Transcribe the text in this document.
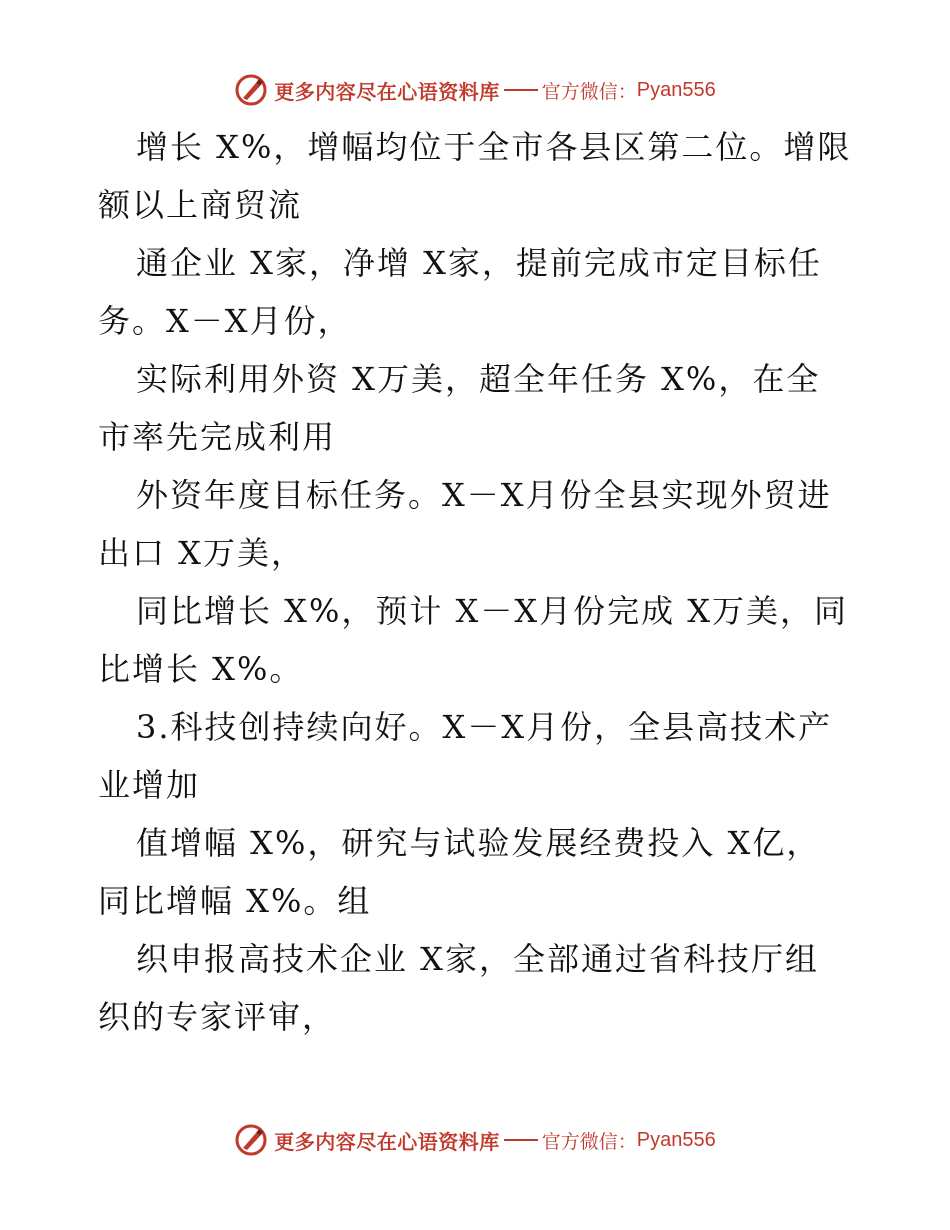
更多内容尽在心语资料库 官方微信： Pyan556
增长 X%，增幅均位于全市各县区第二位。增限
额以上商贸流
通企业 X家，净增 X家，提前完成市定目标任
务。X－X月份，
实际利用外资 X万美，超全年任务 X%，在全
市率先完成利用
外资年度目标任务。X－X月份全县实现外贸进
出口 X万美，
同比增长 X%，预计 X－X月份完成 X万美，同
比增长 X%。
3.科技创持续向好。X－X月份，全县高技术产
业增加
值增幅 X%，研究与试验发展经费投入 X亿，
同比增幅 X%。组
织申报高技术企业 X家，全部通过省科技厅组
织的专家评审，
更多内容尽在心语资料库 官方微信： Pyan556
